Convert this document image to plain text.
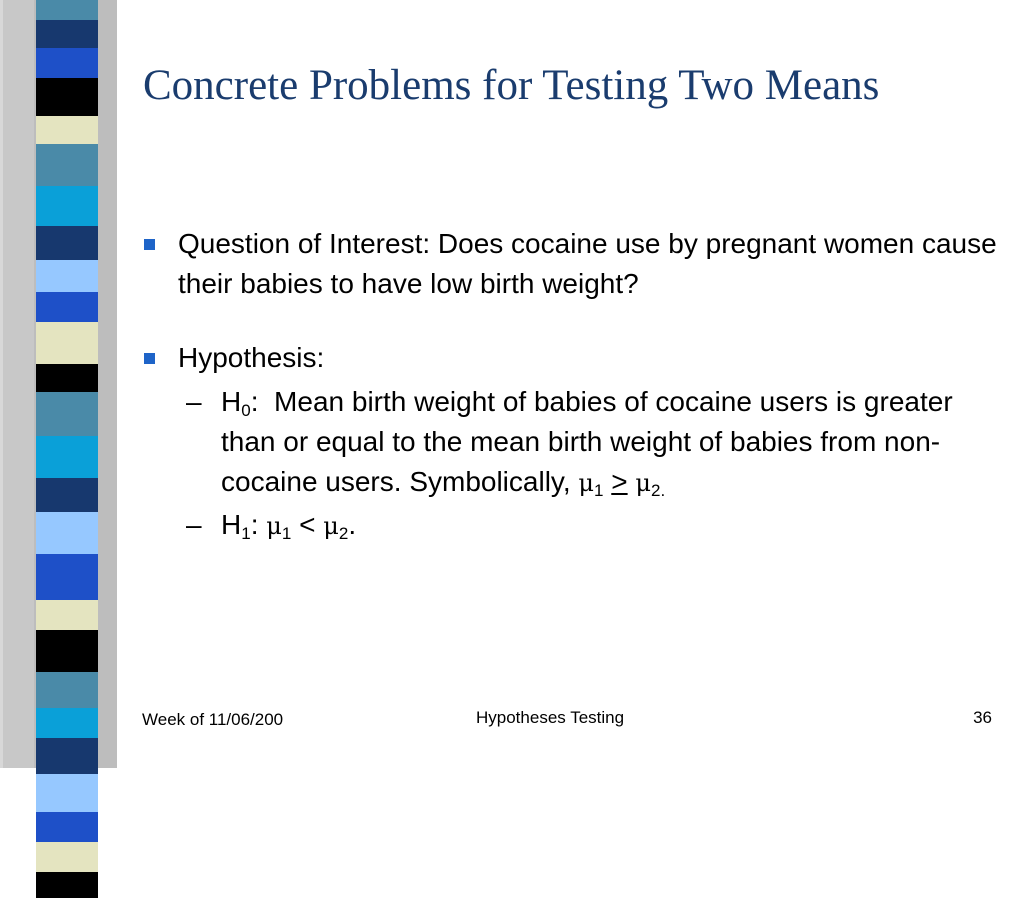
Concrete Problems for Testing Two Means
Question of Interest: Does cocaine use by pregnant women cause their babies to have low birth weight?
Hypothesis:
– $H_0$:  Mean birth weight of babies of cocaine users is greater than or equal to the mean birth weight of babies from non-cocaine users. Symbolically, $\mu_1 \ge \mu_{2.}$
– $H_1$: $\mu_1 < \mu_2$.
Week of 11/06/200	Hypotheses Testing	36
